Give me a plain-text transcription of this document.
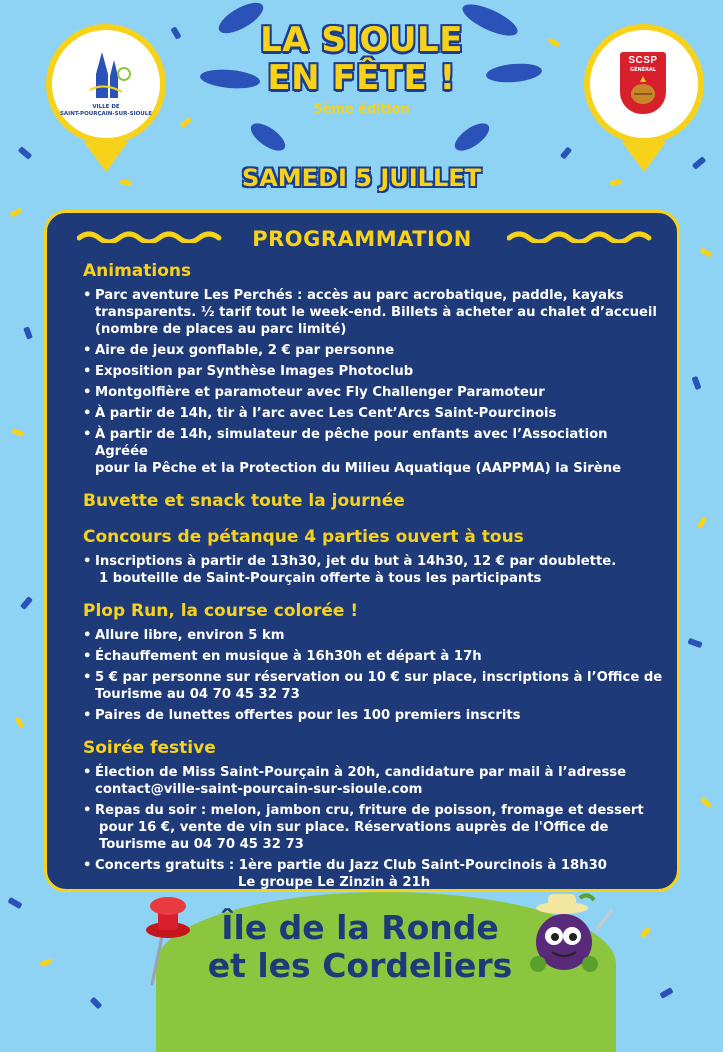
VILLE DE
SAINT-POURÇAIN-SUR-SIOULE
SCSP
GÉNÉRAL
LA SIOULE
EN FÊTE !
5ème édition
SAMEDI 5 JUILLET
PROGRAMMATION
Animations
• Parc aventure Les Perchés : accès au parc acrobatique, paddle, kayaks
transparents. ½ tarif tout le week-end. Billets à acheter au chalet d’accueil
(nombre de places au parc limité)
• Aire de jeux gonflable, 2 € par personne
• Exposition par Synthèse Images Photoclub
• Montgolfière et paramoteur avec Fly Challenger Paramoteur
• À partir de 14h, tir à l’arc avec Les Cent’Arcs Saint-Pourcinois
• À partir de 14h, simulateur de pêche pour enfants avec l’Association Agréée
pour la Pêche et la Protection du Milieu Aquatique (AAPPMA) la Sirène
Buvette et snack toute la journée
Concours de pétanque 4 parties ouvert à tous
• Inscriptions à partir de 13h30, jet du but à 14h30, 12 € par doublette.
1 bouteille de Saint-Pourçain offerte à tous les participants
Plop Run, la course colorée !
• Allure libre, environ 5 km
• Échauffement en musique à 16h30h et départ à 17h
• 5 € par personne sur réservation ou 10 € sur place, inscriptions à l’Office de
Tourisme au 04 70 45 32 73
• Paires de lunettes offertes pour les 100 premiers inscrits
Soirée festive
• Élection de Miss Saint-Pourçain à 20h, candidature par mail à l’adresse
contact@ville-saint-pourcain-sur-sioule.com
• Repas du soir : melon, jambon cru, friture de poisson, fromage et dessert
pour 16 €, vente de vin sur place. Réservations auprès de l'Office de
Tourisme au 04 70 45 32 73
• Concerts gratuits : 1ère partie du Jazz Club Saint-Pourcinois à 18h30
Le groupe Le Zinzin à 21h
Île de la Ronde
et les Cordeliers
